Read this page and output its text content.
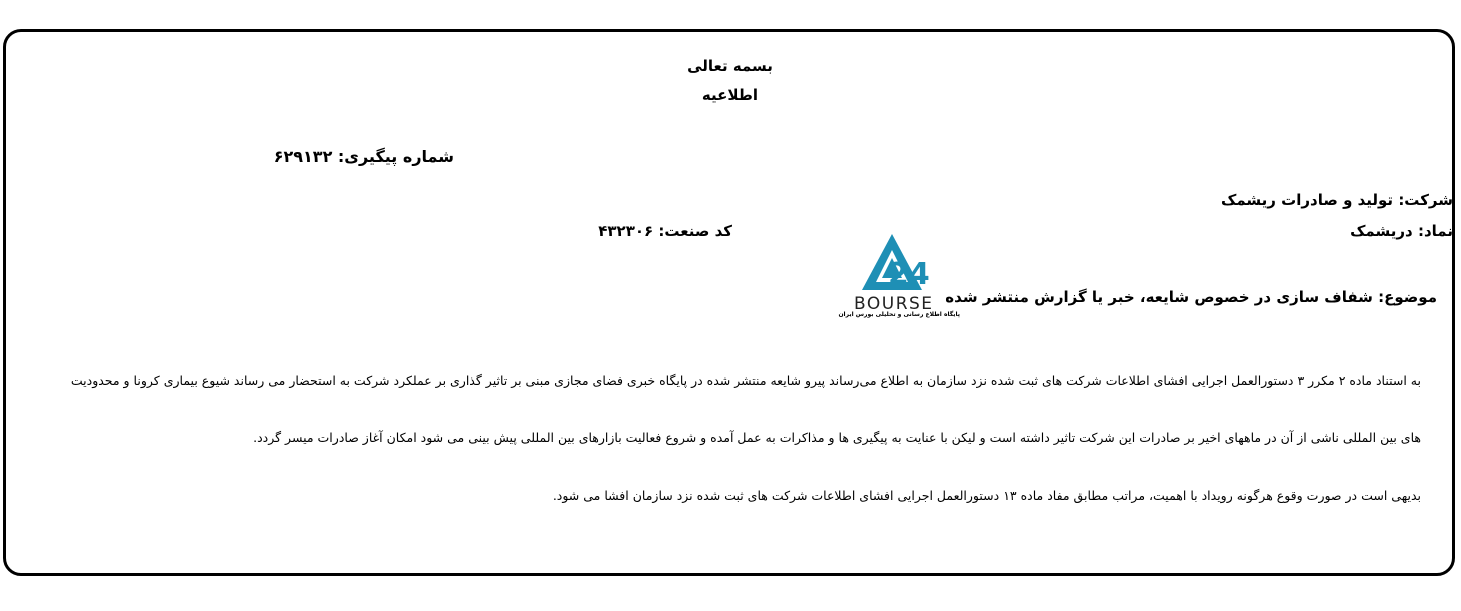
بسمه تعالی
اطلاعیه
شماره پیگیری: ۶۲۹۱۳۲
شرکت: تولید و صادرات ریشمک
نماد: دریشمک
کد صنعت: ۴۳۲۳۰۶
موضوع: شفاف سازی در خصوص شایعه، خبر یا گزارش منتشر شده
24
BOURSE
پایگاه اطلاع رسانی و تحلیلی بورس ایران
به استناد ماده ۲ مکرر ۳ دستورالعمل اجرایی افشای اطلاعات شرکت های ثبت شده نزد سازمان به اطلاع می‌رساند پیرو شایعه منتشر شده در پایگاه خبری فضای مجازی مبنی بر تاثیر گذاری بر عملکرد شرکت به استحضار می رساند شیوع بیماری کرونا و محدودیت
های بین المللی ناشی از آن در ماههای اخیر بر صادرات این شرکت تاثیر داشته است و لیکن با عنایت به پیگیری ها و مذاکرات به عمل آمده و شروع فعالیت بازارهای بین المللی پیش بینی می شود امکان آغاز صادرات میسر گردد.
بدیهی است در صورت وقوع هرگونه رویداد با اهمیت، مراتب مطابق مفاد ماده ۱۳ دستورالعمل اجرایی افشای اطلاعات شرکت های ثبت شده نزد سازمان افشا می شود.
